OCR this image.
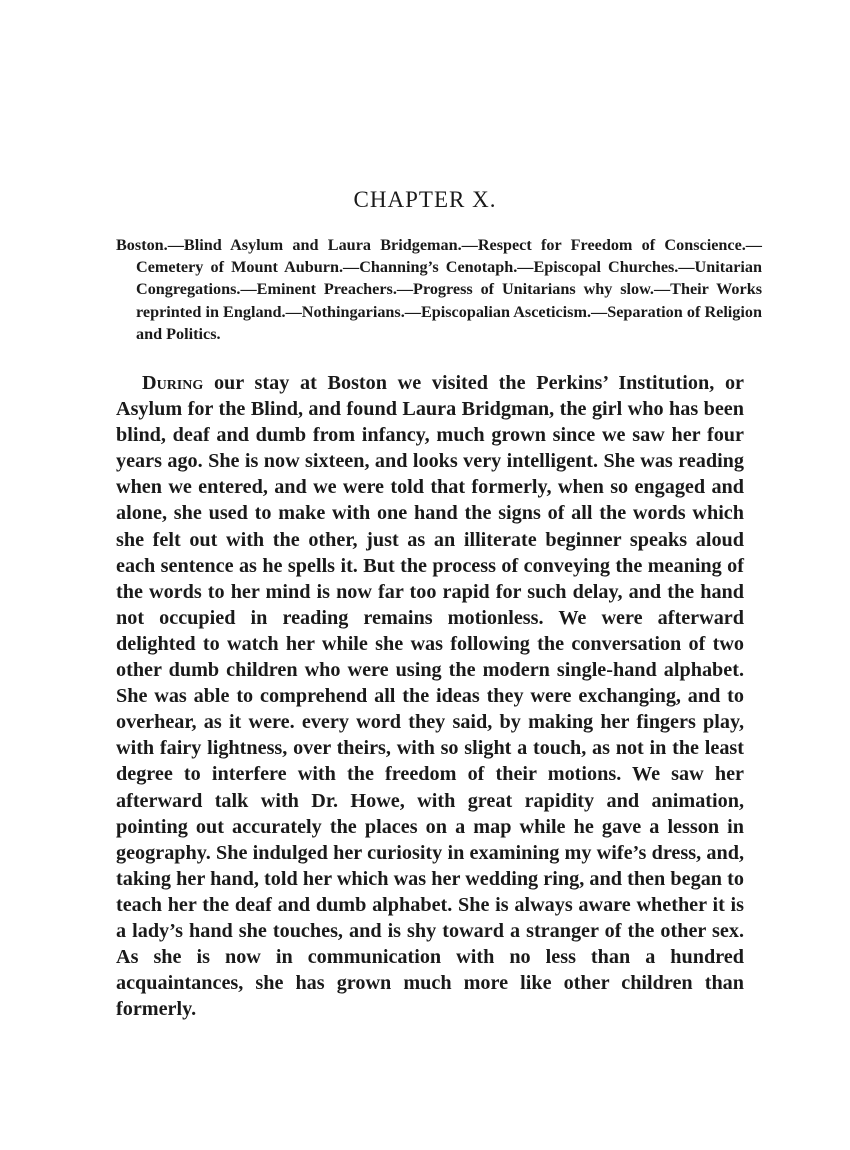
CHAPTER X.

Boston.—Blind Asylum and Laura Bridgeman.—Respect for Freedom of Conscience.—Cemetery of Mount Auburn.—Channing’s Cenotaph.—Episcopal Churches.—Unitarian Congregations.—Eminent Preachers.—Progress of Unitarians why slow.—Their Works reprinted in England.—Nothingarians.—Episcopalian Asceticism.—Separation of Religion and Politics.

During our stay at Boston we visited the Perkins’ Institution, or Asylum for the Blind, and found Laura Bridgman, the girl who has been blind, deaf and dumb from infancy, much grown since we saw her four years ago. She is now sixteen, and looks very intelligent. She was reading when we entered, and we were told that formerly, when so engaged and alone, she used to make with one hand the signs of all the words which she felt out with the other, just as an illiterate beginner speaks aloud each sentence as he spells it. But the process of conveying the meaning of the words to her mind is now far too rapid for such delay, and the hand not occupied in reading remains motionless. We were afterward delighted to watch her while she was following the conversation of two other dumb children who were using the modern single-hand alphabet. She was able to comprehend all the ideas they were exchanging, and to overhear, as it were. every word they said, by making her fingers play, with fairy lightness, over theirs, with so slight a touch, as not in the least degree to interfere with the freedom of their motions. We saw her afterward talk with Dr. Howe, with great rapidity and animation, pointing out accurately the places on a map while he gave a lesson in geography. She indulged her curiosity in examining my wife’s dress, and, taking her hand, told her which was her wedding ring, and then began to teach her the deaf and dumb alphabet. She is always aware whether it is a lady’s hand she touches, and is shy toward a stranger of the other sex. As she is now in communication with no less than a hundred acquaintances, she has grown much more like other children than formerly.
